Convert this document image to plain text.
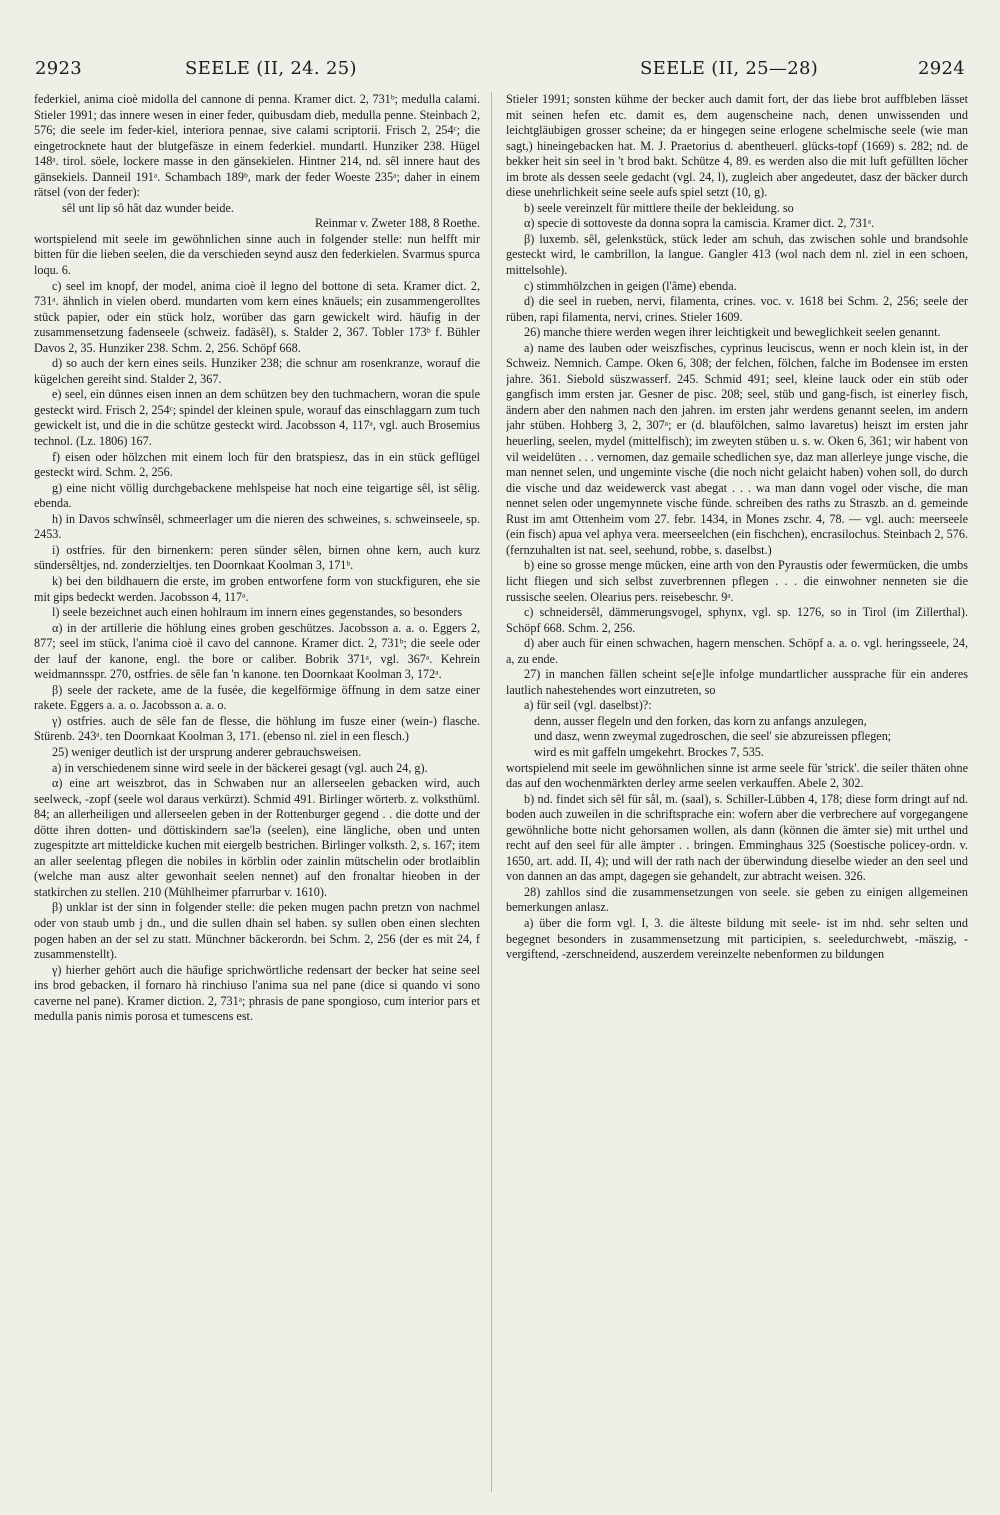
2923	SEELE (II, 24. 25)	SEELE (II, 25—28)	2924

federkiel, anima cioè midolla del cannone di penna. Kramer dict. 2, 731ᵇ; medulla calami. Stieler 1991; das innere wesen in einer feder, quibusdam dieb, medulla penne. Steinbach 2, 576; die seele im feder-kiel, interiora pennae, sive calami scriptorii. Frisch 2, 254ᶜ; die eingetrocknete haut der blutgefäsze in einem federkiel. mundartl. Hunziker 238. Hügel 148ᵃ. tirol. söele, lockere masse in den gänsekielen. Hintner 214, nd. sêl innere haut des gänsekiels. Danneil 191ᵃ. Schambach 189ᵇ, mark der feder Woeste 235ᵃ; daher in einem rätsel (von der feder):

sêl unt lip sô hât daz wunder beide.

Reinmar v. Zweter 188, 8 Roethe.

wortspielend mit seele im gewöhnlichen sinne auch in folgender stelle: nun helfft mir bitten für die lieben seelen, die da verschieden seynd ausz den federkielen. Svarmus spurca loqu. 6.

c) seel im knopf, der model, anima cioè il legno del bottone di seta. Kramer dict. 2, 731ᵃ. ähnlich in vielen oberd. mundarten vom kern eines knäuels; ein zusammengerolltes stück papier, oder ein stück holz, worüber das garn gewickelt wird. häufig in der zusammensetzung fadenseele (schweiz. fadäsêl), s. Stalder 2, 367. Tobler 173ᵇ f. Bühler Davos 2, 35. Hunziker 238. Schm. 2, 256. Schöpf 668.

d) so auch der kern eines seils. Hunziker 238; die schnur am rosenkranze, worauf die kügelchen gereiht sind. Stalder 2, 367.

e) seel, ein dünnes eisen innen an dem schützen bey den tuchmachern, woran die spule gesteckt wird. Frisch 2, 254ᶜ; spindel der kleinen spule, worauf das einschlaggarn zum tuch gewickelt ist, und die in die schütze gesteckt wird. Jacobsson 4, 117ᵃ, vgl. auch Brosemius technol. (Lz. 1806) 167.

f) eisen oder hölzchen mit einem loch für den bratspiesz, das in ein stück geflügel gesteckt wird. Schm. 2, 256.

g) eine nicht völlig durchgebackene mehlspeise hat noch eine teigartige sêl, ist sêlig. ebenda.

h) in Davos schwînsêl, schmeerlager um die nieren des schweines, s. schweinseele, sp. 2453.

i) ostfries. für den birnenkern: peren sünder sêlen, birnen ohne kern, auch kurz sündersêltjes, nd. zonderzieltjes. ten Doornkaat Koolman 3, 171ᵇ.

k) bei den bildhauern die erste, im groben entworfene form von stuckfiguren, ehe sie mit gips bedeckt werden. Jacobsson 4, 117ᵃ.

l) seele bezeichnet auch einen hohlraum im innern eines gegenstandes, so besonders

α) in der artillerie die höhlung eines groben geschützes. Jacobsson a. a. o. Eggers 2, 877; seel im stück, l'anima cioè il cavo del cannone. Kramer dict. 2, 731ᵇ; die seele oder der lauf der kanone, engl. the bore or caliber. Bobrik 371ᵃ, vgl. 367ᵃ. Kehrein weidmannsspr. 270, ostfries. de sêle fan 'n kanone. ten Doornkaat Koolman 3, 172ᵃ.

β) seele der rackete, ame de la fusée, die kegelförmige öffnung in dem satze einer rakete. Eggers a. a. o. Jacobsson a. a. o.

γ) ostfries. auch de sêle fan de flesse, die höhlung im fusze einer (wein-) flasche. Stürenb. 243ᵃ. ten Doornkaat Koolman 3, 171. (ebenso nl. ziel in een flesch.)

25) weniger deutlich ist der ursprung anderer gebrauchsweisen.

a) in verschiedenem sinne wird seele in der bäckerei gesagt (vgl. auch 24, g).

α) eine art weiszbrot, das in Schwaben nur an allerseelen gebacken wird, auch seelweck, -zopf (seele wol daraus verkürzt). Schmid 491. Birlinger wörterb. z. volksthüml. 84; an allerheiligen und allerseelen geben in der Rottenburger gegend . . die dotte und der dötte ihren dotten- und döttiskindern sae'lə (seelen), eine längliche, oben und unten zugespitzte art mitteldicke kuchen mit eiergelb bestrichen. Birlinger volksth. 2, s. 167; item an aller seelentag pflegen die nobiles in körblin oder zainlin mütschelin oder brotlaiblin (welche man ausz alter gewonhait seelen nennet) auf den fronaltar hieoben in der statkirchen zu stellen. 210 (Mühlheimer pfarrurbar v. 1610).

β) unklar ist der sinn in folgender stelle: die peken mugen pachn pretzn von nachmel oder von staub umb j dn., und die sullen dhain sel haben. sy sullen oben einen slechten pogen haben an der sel zu statt. Münchner bäckerordn. bei Schm. 2, 256 (der es mit 24, f zusammenstellt).

γ) hierher gehört auch die häufige sprichwörtliche redensart der becker hat seine seel ins brod gebacken, il fornaro hà rinchiuso l'anima sua nel pane (dice si quando vi sono caverne nel pane). Kramer diction. 2, 731ᵃ; phrasis de pane spongioso, cum interior pars et medulla panis nimis porosa et tumescens est.

Stieler 1991; sonsten kühme der becker auch damit fort, der das liebe brot auffbleben lässet mit seinen hefen etc. damit es, dem augenscheine nach, denen unwissenden und leichtgläubigen grosser scheine; da er hingegen seine erlogene schelmische seele (wie man sagt,) hineingebacken hat. M. J. Praetorius d. abentheuerl. glücks-topf (1669) s. 282; nd. de bekker heit sin seel in 't brod bakt. Schütze 4, 89. es werden also die mit luft gefüllten löcher im brote als dessen seele gedacht (vgl. 24, l), zugleich aber angedeutet, dasz der bäcker durch diese unehrlichkeit seine seele aufs spiel setzt (10, g).

b) seele vereinzelt für mittlere theile der bekleidung. so

α) specie di sottoveste da donna sopra la camiscia. Kramer dict. 2, 731ᵃ.

β) luxemb. sêl, gelenkstück, stück leder am schuh, das zwischen sohle und brandsohle gesteckt wird, le cambrillon, la langue. Gangler 413 (wol nach dem nl. ziel in een schoen, mittelsohle).

c) stimmhölzchen in geigen (l'âme) ebenda.

d) die seel in rueben, nervi, filamenta, crines. voc. v. 1618 bei Schm. 2, 256; seele der rüben, rapi filamenta, nervi, crines. Stieler 1609.

26) manche thiere werden wegen ihrer leichtigkeit und beweglichkeit seelen genannt.

a) name des lauben oder weiszfisches, cyprinus leuciscus, wenn er noch klein ist, in der Schweiz. Nemnich. Campe. Oken 6, 308; der felchen, fölchen, falche im Bodensee im ersten jahre. 361. Siebold süszwasserf. 245. Schmid 491; seel, kleine lauck oder ein stüb oder gangfisch imm ersten jar. Gesner de pisc. 208; seel, stüb und gang-fisch, ist einerley fisch, ändern aber den nahmen nach den jahren. im ersten jahr werdens genannt seelen, im andern jahr stüben. Hohberg 3, 2, 307ᵃ; er (d. blaufölchen, salmo lavaretus) heiszt im ersten jahr heuerling, seelen, mydel (mittelfisch); im zweyten stüben u. s. w. Oken 6, 361; wir habent von vil weidelüten . . . vernomen, daz gemaile schedlichen sye, daz man allerleye junge vische, die man nennet selen, und ungeminte vische (die noch nicht gelaicht haben) vohen soll, do durch die vische und daz weidewerck vast abegat . . . wa man dann vogel oder vische, die man nennet selen oder ungemynnete vische fünde. schreiben des raths zu Straszb. an d. gemeinde Rust im amt Ottenheim vom 27. febr. 1434, in Mones zschr. 4, 78. — vgl. auch: meerseele (ein fisch) apua vel aphya vera. meerseelchen (ein fischchen), encrasilochus. Steinbach 2, 576. (fernzuhalten ist nat. seel, seehund, robbe, s. daselbst.)

b) eine so grosse menge mücken, eine arth von den Pyraustis oder fewermücken, die umbs licht fliegen und sich selbst zuverbrennen pflegen . . . die einwohner nenneten sie die russische seelen. Olearius pers. reisebeschr. 9ᵃ.

c) schneidersêl, dämmerungsvogel, sphynx, vgl. sp. 1276, so in Tirol (im Zillerthal). Schöpf 668. Schm. 2, 256.

d) aber auch für einen schwachen, hagern menschen. Schöpf a. a. o. vgl. heringsseele, 24, a, zu ende.

27) in manchen fällen scheint se[e]le infolge mundartlicher aussprache für ein anderes lautlich nahestehendes wort einzutreten, so

a) für seil (vgl. daselbst)?:

denn, ausser flegeln und den forken, das korn zu anfangs anzulegen,

und dasz, wenn zweymal zugedroschen, die seel' sie abzureissen pflegen;

wird es mit gaffeln umgekehrt. Brockes 7, 535.

wortspielend mit seele im gewöhnlichen sinne ist arme seele für 'strick'. die seiler thäten ohne das auf den wochenmärkten derley arme seelen verkauffen. Abele 2, 302.

b) nd. findet sich sêl für sål, m. (saal), s. Schiller-Lübben 4, 178; diese form dringt auf nd. boden auch zuweilen in die schriftsprache ein: wofern aber die verbrechere auf vorgegangene gewöhnliche botte nicht gehorsamen wollen, als dann (können die ämter sie) mit urthel und recht auf den seel für alle ämpter . . bringen. Emminghaus 325 (Soestische policey-ordn. v. 1650, art. add. II, 4); und will der rath nach der überwindung dieselbe wieder an den seel und von dannen an das ampt, dagegen sie gehandelt, zur abtracht weisen. 326.

28) zahllos sind die zusammensetzungen von seele. sie geben zu einigen allgemeinen bemerkungen anlasz.

a) über die form vgl. I, 3. die älteste bildung mit seele- ist im nhd. sehr selten und begegnet besonders in zusammensetzung mit participien, s. seeledurchwebt, -mäszig, -vergiftend, -zerschneidend, auszerdem vereinzelte nebenformen zu bildungen
